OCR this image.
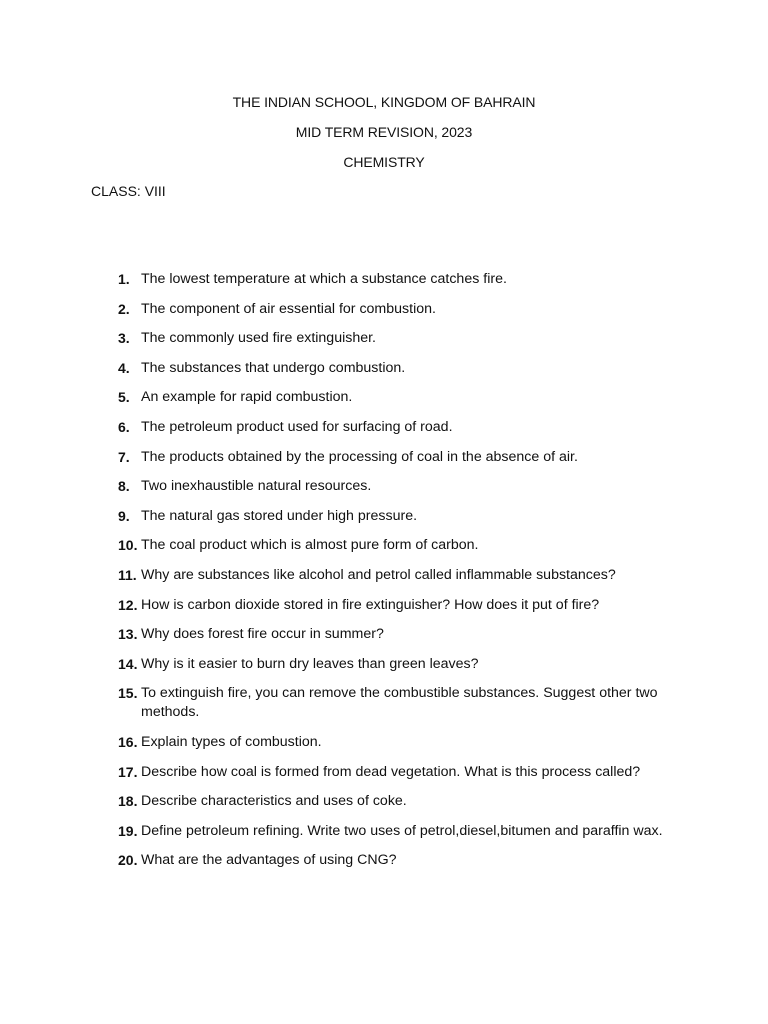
THE INDIAN SCHOOL, KINGDOM OF BAHRAIN
MID TERM REVISION, 2023
CHEMISTRY
CLASS: VIII
1. The lowest temperature at which a substance catches fire.
2. The component of air essential for combustion.
3. The commonly used fire extinguisher.
4. The substances that undergo combustion.
5. An example for rapid combustion.
6. The petroleum product used for surfacing of road.
7. The products obtained by the processing of coal in the absence of air.
8. Two inexhaustible natural resources.
9. The natural gas stored under high pressure.
10. The coal product which is almost pure form of carbon.
11. Why are substances like alcohol and petrol called inflammable substances?
12. How is carbon dioxide stored in fire extinguisher? How does it put of fire?
13. Why does forest fire occur in summer?
14. Why is it easier to burn dry leaves than green leaves?
15. To extinguish fire, you can remove the combustible substances. Suggest other two methods.
16. Explain types of combustion.
17. Describe how coal is formed from dead vegetation. What is this process called?
18. Describe characteristics and uses of coke.
19. Define petroleum refining. Write two uses of petrol,diesel,bitumen and paraffin wax.
20. What are the advantages of using CNG?
